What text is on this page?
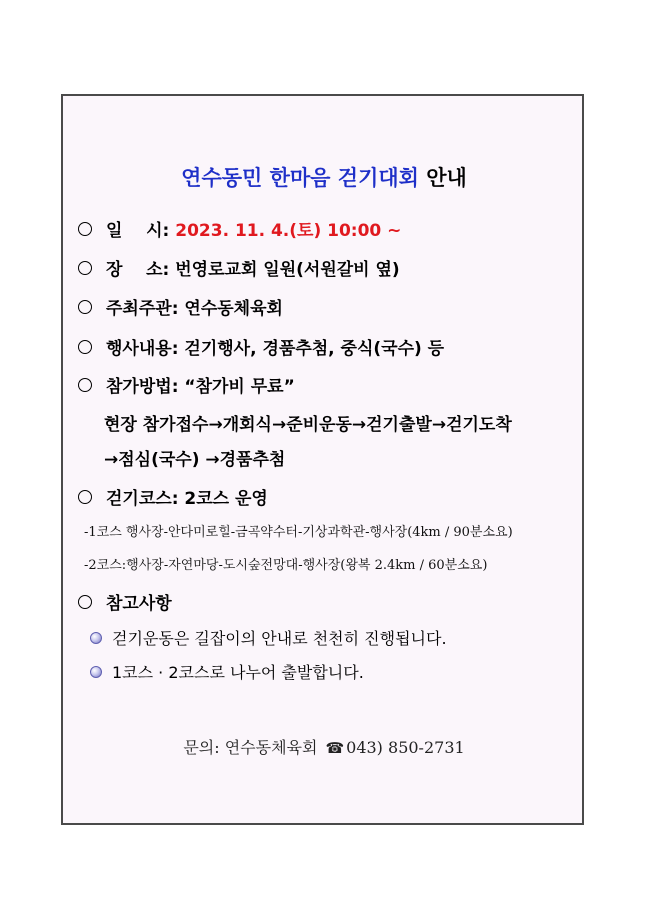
연수동민 한마음 걷기대회 안내
일    시: 2023. 11. 4.(토) 10:00 ~
장    소: 번영로교회 일원(서원갈비 옆)
주최주관: 연수동체육회
행사내용: 걷기행사, 경품추첨, 중식(국수) 등
참가방법: “참가비 무료”
현장 참가접수→개회식→준비운동→걷기출발→걷기도착
→점심(국수) →경품추첨
걷기코스: 2코스 운영
-1코스 행사장-안다미로힐-금곡약수터-기상과학관-행사장(4km / 90분소요)
-2코스:행사장-자연마당-도시숲전망대-행사장(왕복 2.4km / 60분소요)
참고사항
걷기운동은 길잡이의 안내로 천천히 진행됩니다.
1코스 · 2코스로 나누어 출발합니다.
문의: 연수동체육회 ☎ 043) 850-2731
